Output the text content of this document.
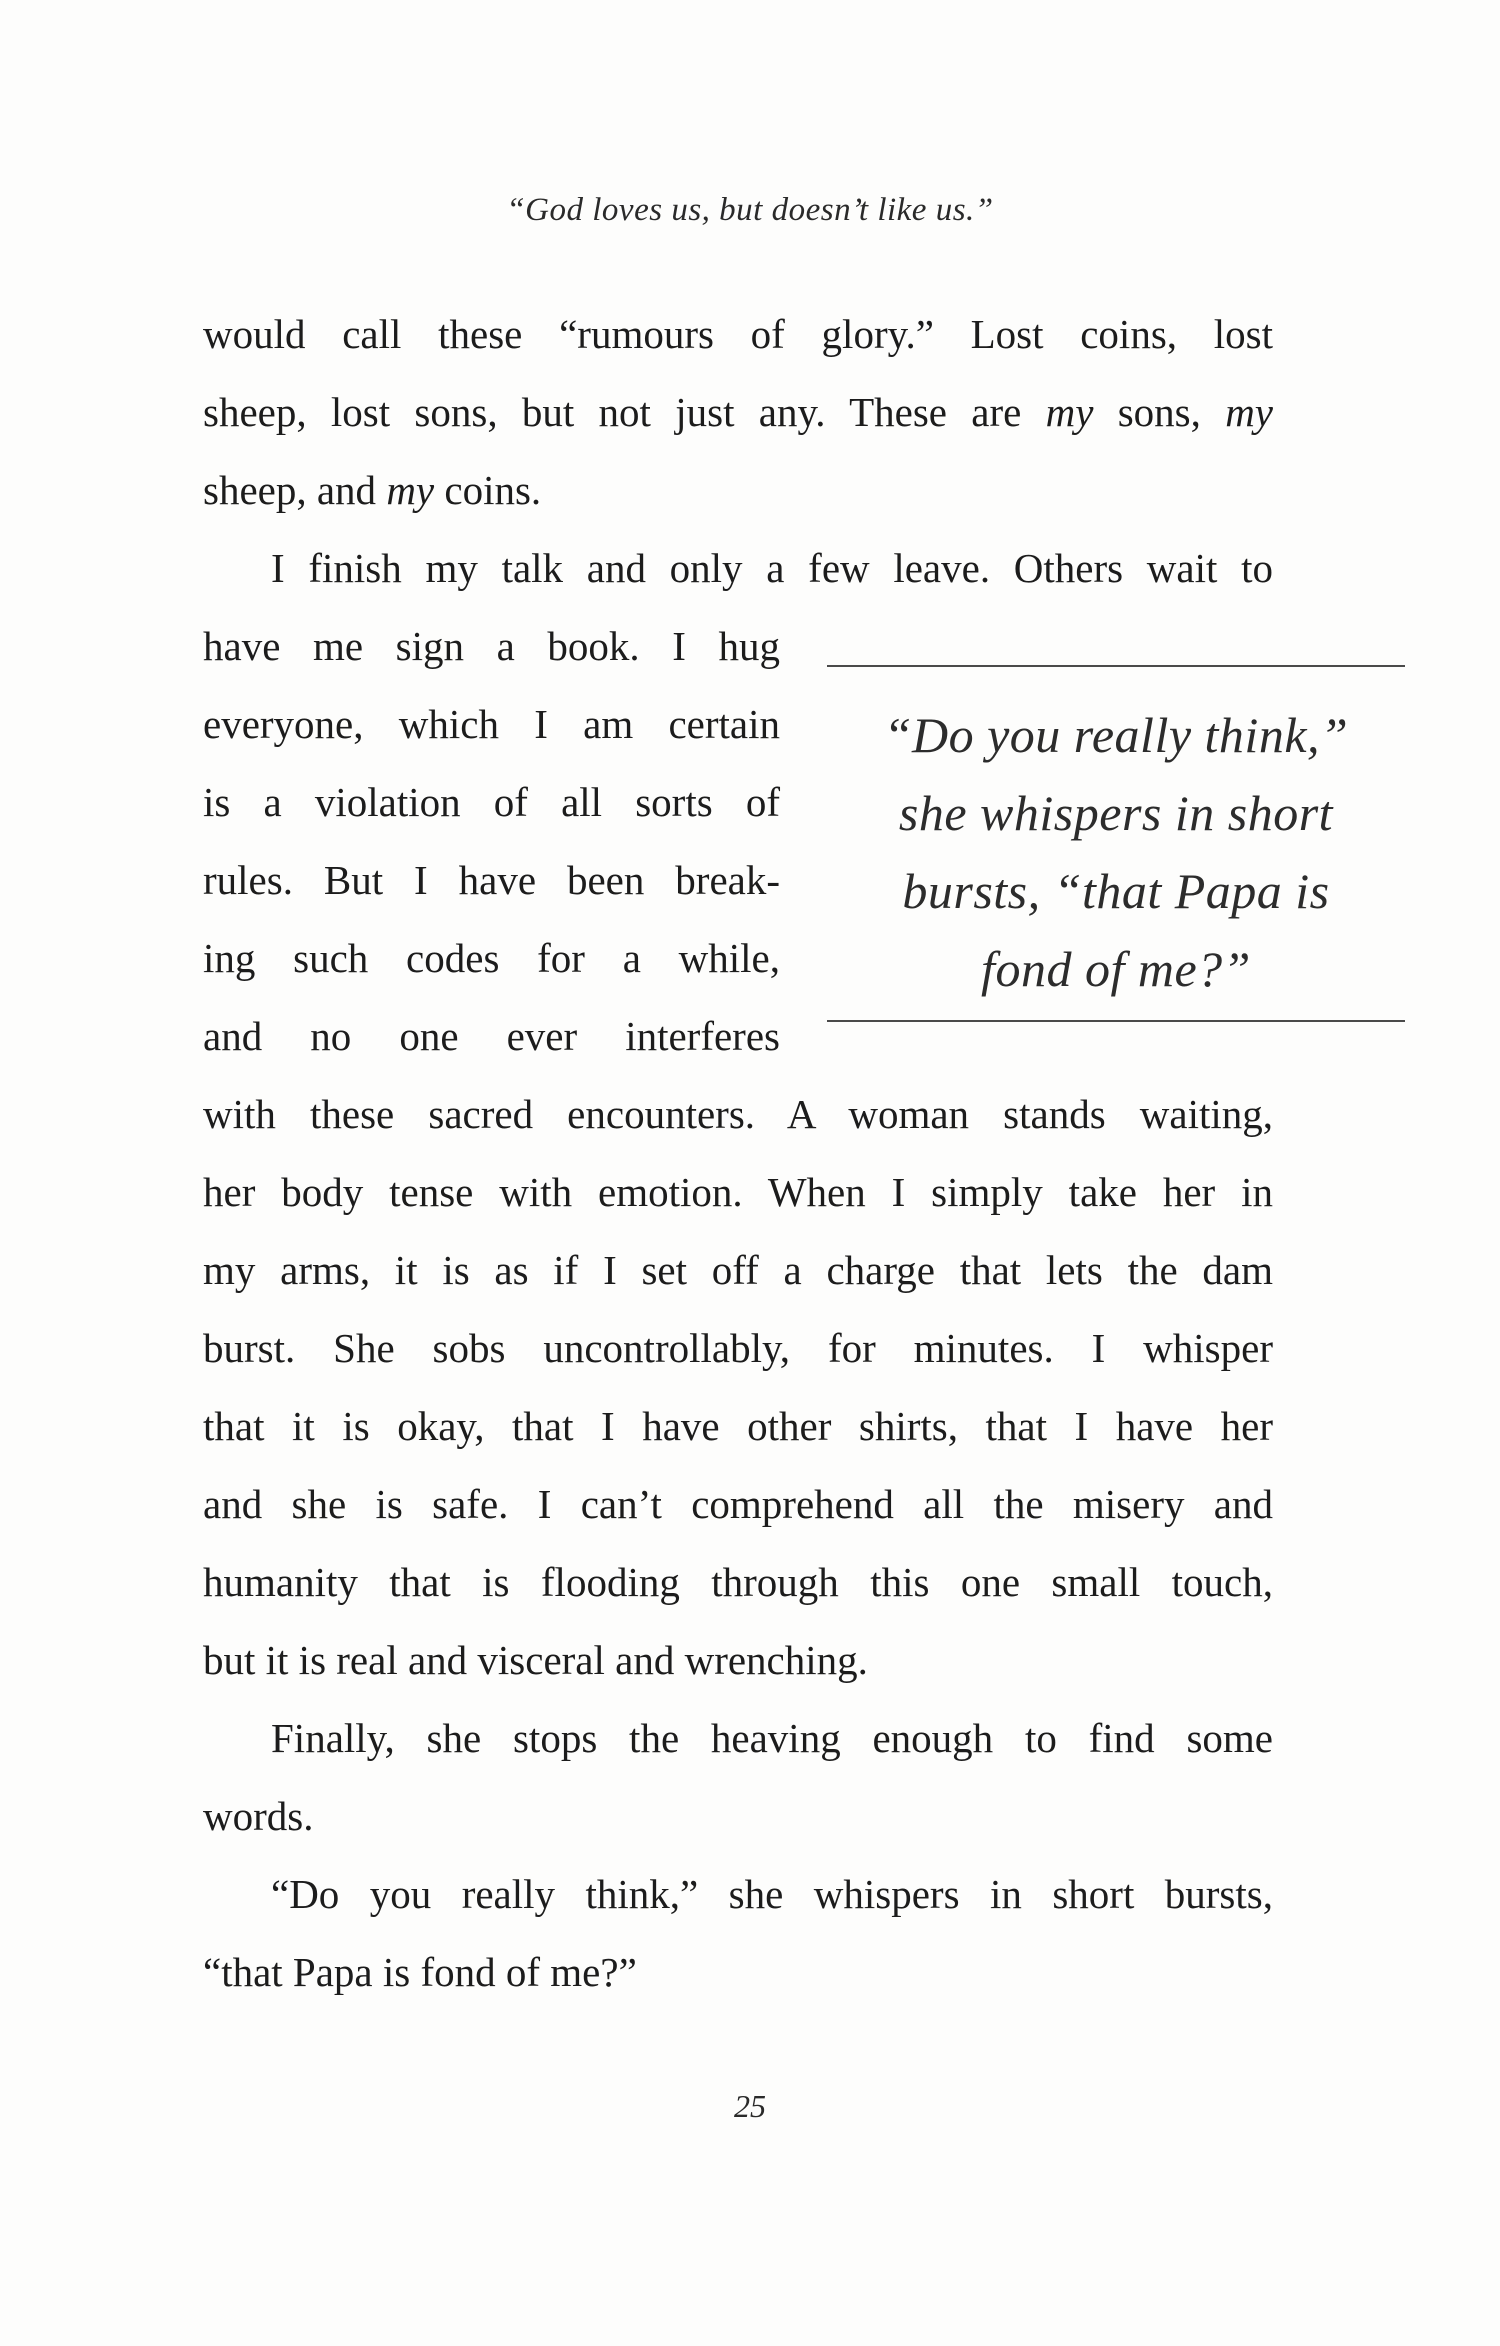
“God loves us, but doesn’t like us.”
would call these “rumours of glory.” Lost coins, lost
sheep, lost sons, but not just any. These are my sons, my
sheep, and my coins.
I finish my talk and only a few leave. Others wait to
have me sign a book. I hug
everyone, which I am certain
is a violation of all sorts of
rules. But I have been break-
ing such codes for a while,
and no one ever interferes
with these sacred encounters. A woman stands waiting,
her body tense with emotion. When I simply take her in
my arms, it is as if I set off a charge that lets the dam
burst. She sobs uncontrollably, for minutes. I whisper
that it is okay, that I have other shirts, that I have her
and she is safe. I can’t comprehend all the misery and
humanity that is flooding through this one small touch,
but it is real and visceral and wrenching.
Finally, she stops the heaving enough to find some
words.
“Do you really think,” she whispers in short bursts,
“that Papa is fond of me?”
“Do you really think,”
she whispers in short
bursts, “that Papa is
fond of me?”
25
